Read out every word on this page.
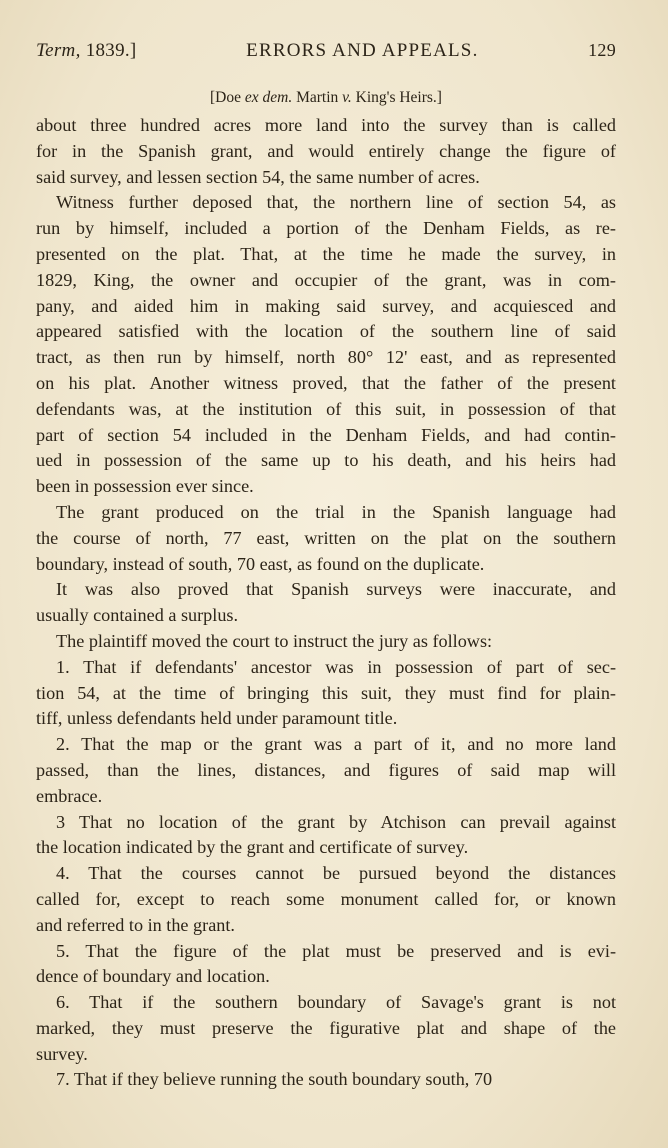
Term, 1839.]	ERRORS AND APPEALS.	129
[Doe ex dem. Martin v. King's Heirs.]

about three hundred acres more land into the survey than is called
for in the Spanish grant, and would entirely change the figure of
said survey, and lessen section 54, the same number of acres.

Witness further deposed that, the northern line of section 54, as
run by himself, included a portion of the Denham Fields, as re-
presented on the plat. That, at the time he made the survey, in
1829, King, the owner and occupier of the grant, was in com-
pany, and aided him in making said survey, and acquiesced and
appeared satisfied with the location of the southern line of said
tract, as then run by himself, north 80° 12' east, and as represented
on his plat. Another witness proved, that the father of the present
defendants was, at the institution of this suit, in possession of that
part of section 54 included in the Denham Fields, and had contin-
ued in possession of the same up to his death, and his heirs had
been in possession ever since.

The grant produced on the trial in the Spanish language had
the course of north, 77 east, written on the plat on the southern
boundary, instead of south, 70 east, as found on the duplicate.

It was also proved that Spanish surveys were inaccurate, and
usually contained a surplus.

The plaintiff moved the court to instruct the jury as follows:

1. That if defendants' ancestor was in possession of part of sec-
tion 54, at the time of bringing this suit, they must find for plain-
tiff, unless defendants held under paramount title.

2. That the map or the grant was a part of it, and no more land
passed, than the lines, distances, and figures of said map will
embrace.

3 That no location of the grant by Atchison can prevail against
the location indicated by the grant and certificate of survey.

4. That the courses cannot be pursued beyond the distances
called for, except to reach some monument called for, or known
and referred to in the grant.

5. That the figure of the plat must be preserved and is evi-
dence of boundary and location.

6. That if the southern boundary of Savage's grant is not
marked, they must preserve the figurative plat and shape of the
survey.

7. That if they believe running the south boundary south, 70
